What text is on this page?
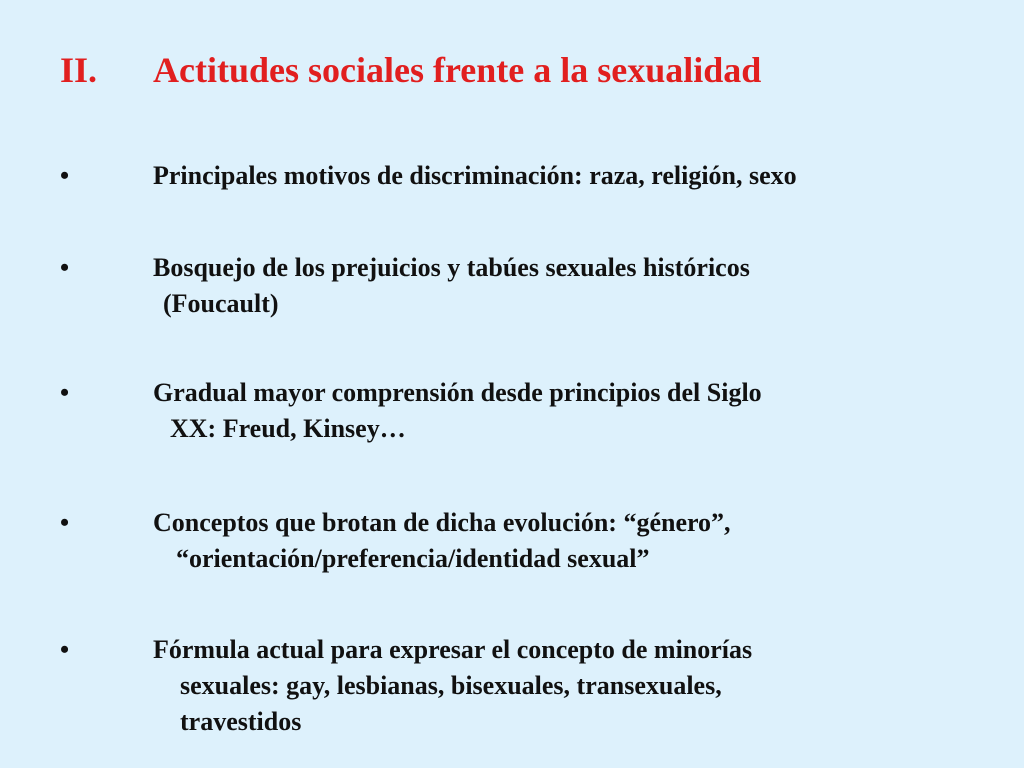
II.	Actitudes sociales frente a la sexualidad
•	Principales motivos de discriminación: raza, religión, sexo
•	Bosquejo de los prejuicios y tabúes sexuales históricos
(Foucault)
•	Gradual mayor comprensión desde principios del Siglo
XX: Freud, Kinsey…
•	Conceptos que brotan de dicha evolución: “género”,
“orientación/preferencia/identidad sexual”
•	Fórmula actual para expresar el concepto de minorías
sexuales: gay, lesbianas, bisexuales, transexuales,
travestidos
